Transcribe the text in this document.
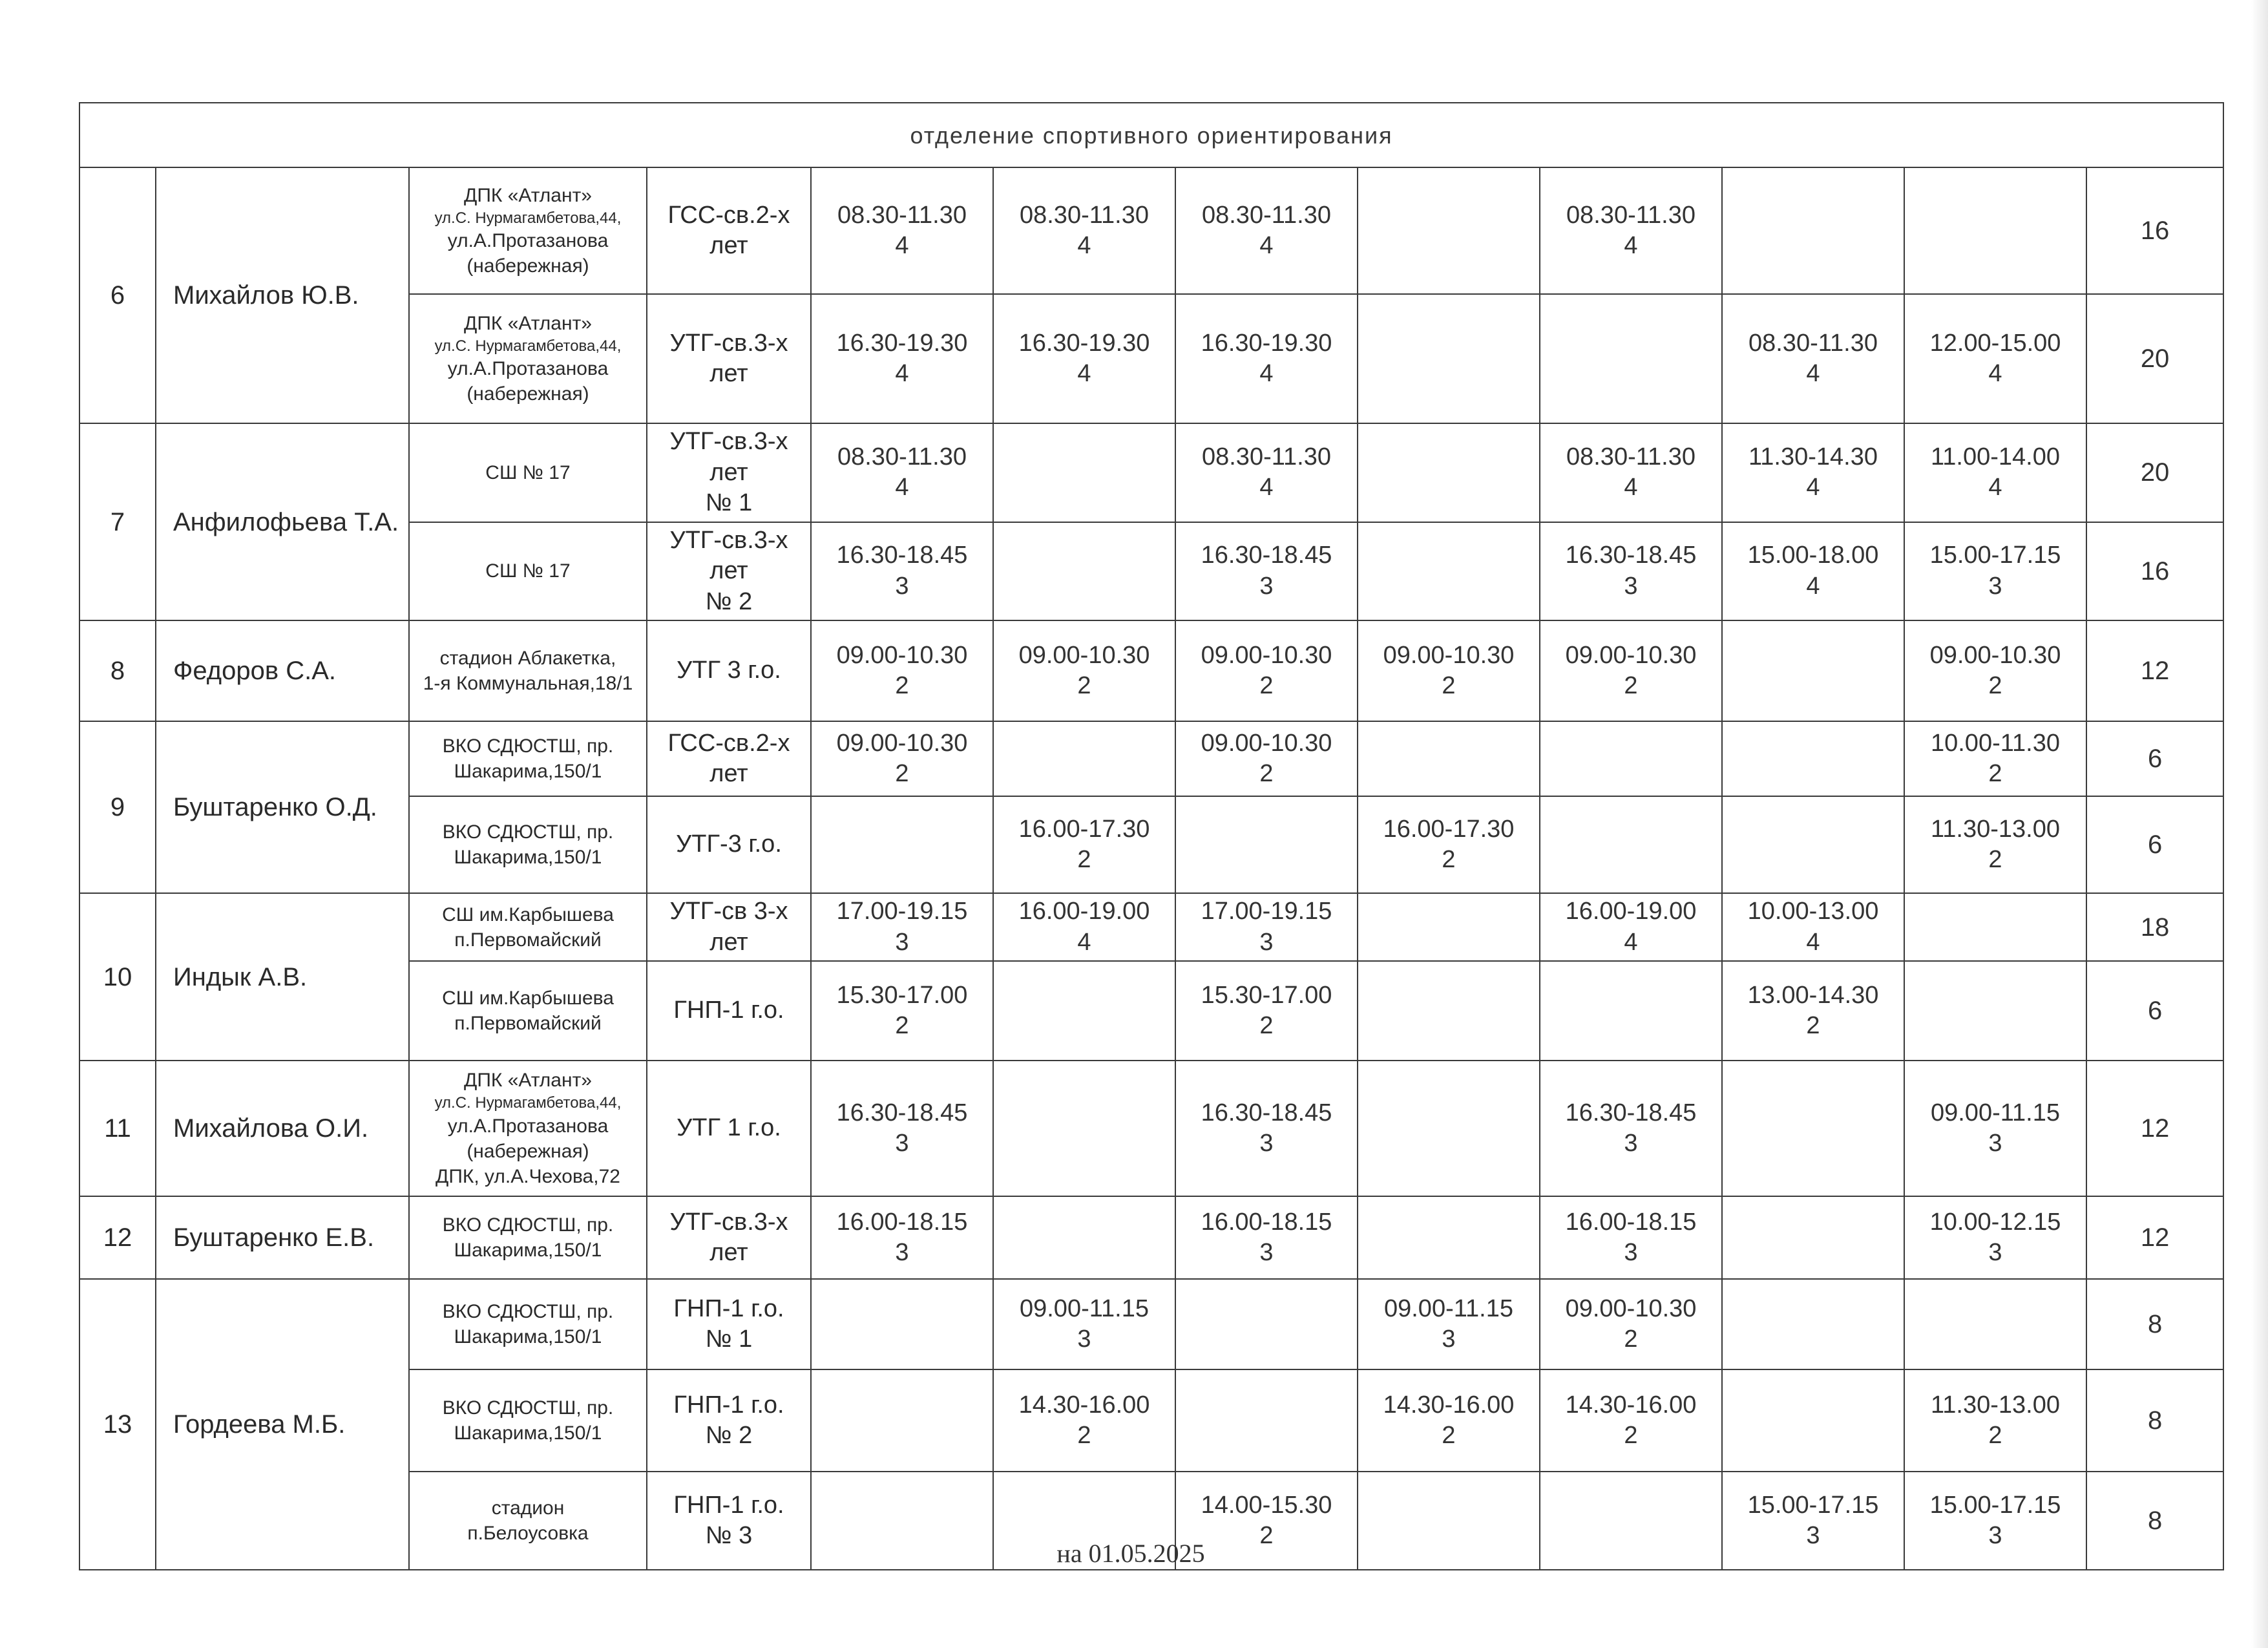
отделение спортивного ориентирования											
6	Михайлов Ю.В.	ДПК «Атлант»
ул.С. Нурмагамбетова,44,
ул.А.Протазанова
(набережная)	ГСС-св.2-х
лет	08.30-11.30
4	08.30-11.30
4	08.30-11.30
4		08.30-11.30
4			16

		ДПК «Атлант»
ул.С. Нурмагамбетова,44,
ул.А.Протазанова
(набережная)	УТГ-св.3-х
лет	16.30-19.30
4	16.30-19.30
4	16.30-19.30
4			08.30-11.30
4	12.00-15.00
4	20
7	Анфилофьева Т.А.	СШ № 17	УТГ-св.3-х
лет
№ 1	08.30-11.30
4		08.30-11.30
4		08.30-11.30
4	11.30-14.30
4	11.00-14.00
4	20

		СШ № 17	УТГ-св.3-х
лет
№ 2	16.30-18.45
3		16.30-18.45
3		16.30-18.45
3	15.00-18.00
4	15.00-17.15
3	16
8	Федоров С.А.	стадион Аблакетка,
1-я Коммунальная,18/1	УТГ 3 г.о.	09.00-10.30
2	09.00-10.30
2	09.00-10.30
2	09.00-10.30
2	09.00-10.30
2		09.00-10.30
2	12
9	Буштаренко О.Д.	ВКО СДЮСТШ, пр.
Шакарима,150/1	ГСС-св.2-х
лет	09.00-10.30
2		09.00-10.30
2				10.00-11.30
2	6

		ВКО СДЮСТШ, пр.
Шакарима,150/1	УТГ-3 г.о.		16.00-17.30
2		16.00-17.30
2			11.30-13.00
2	6
10	Индык А.В.	СШ им.Карбышева
п.Первомайский	УТГ-св 3-х
лет	17.00-19.15
3	16.00-19.00
4	17.00-19.15
3		16.00-19.00
4	10.00-13.00
4		18

		СШ им.Карбышева
п.Первомайский	ГНП-1 г.о.	15.30-17.00
2		15.30-17.00
2			13.00-14.30
2		6
11	Михайлова О.И.	ДПК «Атлант»
ул.С. Нурмагамбетова,44,
ул.А.Протазанова
(набережная)
ДПК, ул.А.Чехова,72	УТГ 1 г.о.	16.30-18.45
3		16.30-18.45
3		16.30-18.45
3		09.00-11.15
3	12
12	Буштаренко Е.В.	ВКО СДЮСТШ, пр.
Шакарима,150/1	УТГ-св.3-х
лет	16.00-18.15
3		16.00-18.15
3		16.00-18.15
3		10.00-12.15
3	12
13	Гордеева М.Б.	ВКО СДЮСТШ, пр.
Шакарима,150/1	ГНП-1 г.о.
№ 1		09.00-11.15
3		09.00-11.15
3	09.00-10.30
2			8

		ВКО СДЮСТШ, пр.
Шакарима,150/1	ГНП-1 г.о.
№ 2		14.30-16.00
2		14.30-16.00
2	14.30-16.00
2		11.30-13.00
2	8

		стадион
п.Белоусовка	ГНП-1 г.о.
№ 3			14.00-15.30
2			15.00-17.15
3	15.00-17.15
3	8
на 01.05.2025
